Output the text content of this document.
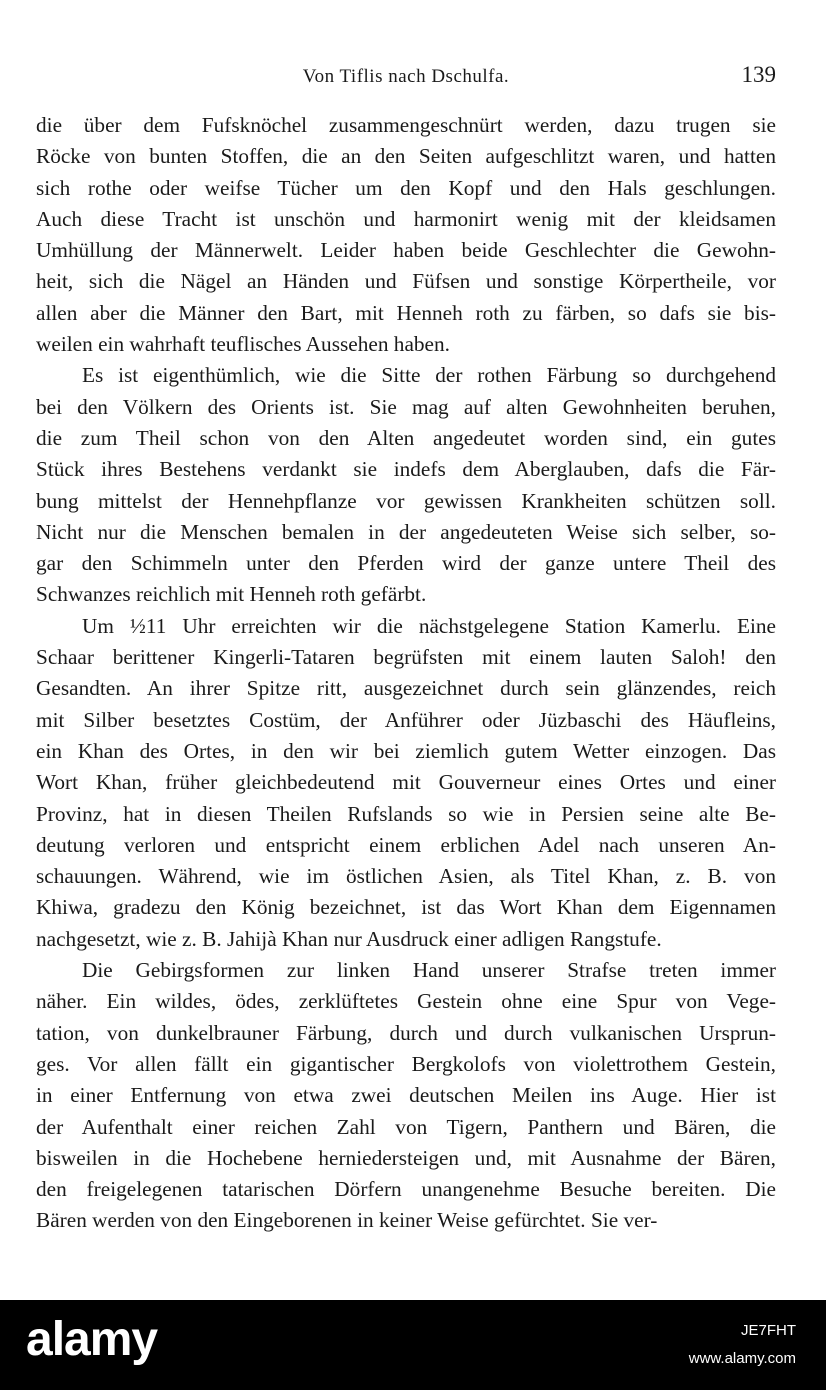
Von Tiflis nach Dschulfa.	139
die über dem Fufsknöchel zusammengeschnürt werden, dazu trugen sie
Röcke von bunten Stoffen, die an den Seiten aufgeschlitzt waren, und hatten
sich rothe oder weifse Tücher um den Kopf und den Hals geschlungen.
Auch diese Tracht ist unschön und harmonirt wenig mit der kleidsamen
Umhüllung der Männerwelt. Leider haben beide Geschlechter die Gewohn-
heit, sich die Nägel an Händen und Füfsen und sonstige Körpertheile, vor
allen aber die Männer den Bart, mit Henneh roth zu färben, so dafs sie bis-
weilen ein wahrhaft teuflisches Aussehen haben.
Es ist eigenthümlich, wie die Sitte der rothen Färbung so durchgehend
bei den Völkern des Orients ist. Sie mag auf alten Gewohnheiten beruhen,
die zum Theil schon von den Alten angedeutet worden sind, ein gutes
Stück ihres Bestehens verdankt sie indefs dem Aberglauben, dafs die Fär-
bung mittelst der Hennehpflanze vor gewissen Krankheiten schützen soll.
Nicht nur die Menschen bemalen in der angedeuteten Weise sich selber, so-
gar den Schimmeln unter den Pferden wird der ganze untere Theil des
Schwanzes reichlich mit Henneh roth gefärbt.
Um ½11 Uhr erreichten wir die nächstgelegene Station Kamerlu. Eine
Schaar berittener Kingerli-Tataren begrüfsten mit einem lauten Saloh! den
Gesandten. An ihrer Spitze ritt, ausgezeichnet durch sein glänzendes, reich
mit Silber besetztes Costüm, der Anführer oder Jüzbaschi des Häufleins,
ein Khan des Ortes, in den wir bei ziemlich gutem Wetter einzogen. Das
Wort Khan, früher gleichbedeutend mit Gouverneur eines Ortes und einer
Provinz, hat in diesen Theilen Rufslands so wie in Persien seine alte Be-
deutung verloren und entspricht einem erblichen Adel nach unseren An-
schauungen. Während, wie im östlichen Asien, als Titel Khan, z. B. von
Khiwa, gradezu den König bezeichnet, ist das Wort Khan dem Eigennamen
nachgesetzt, wie z. B. Jahijà Khan nur Ausdruck einer adligen Rangstufe.
Die Gebirgsformen zur linken Hand unserer Strafse treten immer
näher. Ein wildes, ödes, zerklüftetes Gestein ohne eine Spur von Vege-
tation, von dunkelbrauner Färbung, durch und durch vulkanischen Ursprun-
ges. Vor allen fällt ein gigantischer Bergkolofs von violettrothem Gestein,
in einer Entfernung von etwa zwei deutschen Meilen ins Auge. Hier ist
der Aufenthalt einer reichen Zahl von Tigern, Panthern und Bären, die
bisweilen in die Hochebene herniedersteigen und, mit Ausnahme der Bären,
den freigelegenen tatarischen Dörfern unangenehme Besuche bereiten. Die
Bären werden von den Eingeborenen in keiner Weise gefürchtet. Sie ver-
alamy	JE7FHT
www.alamy.com
